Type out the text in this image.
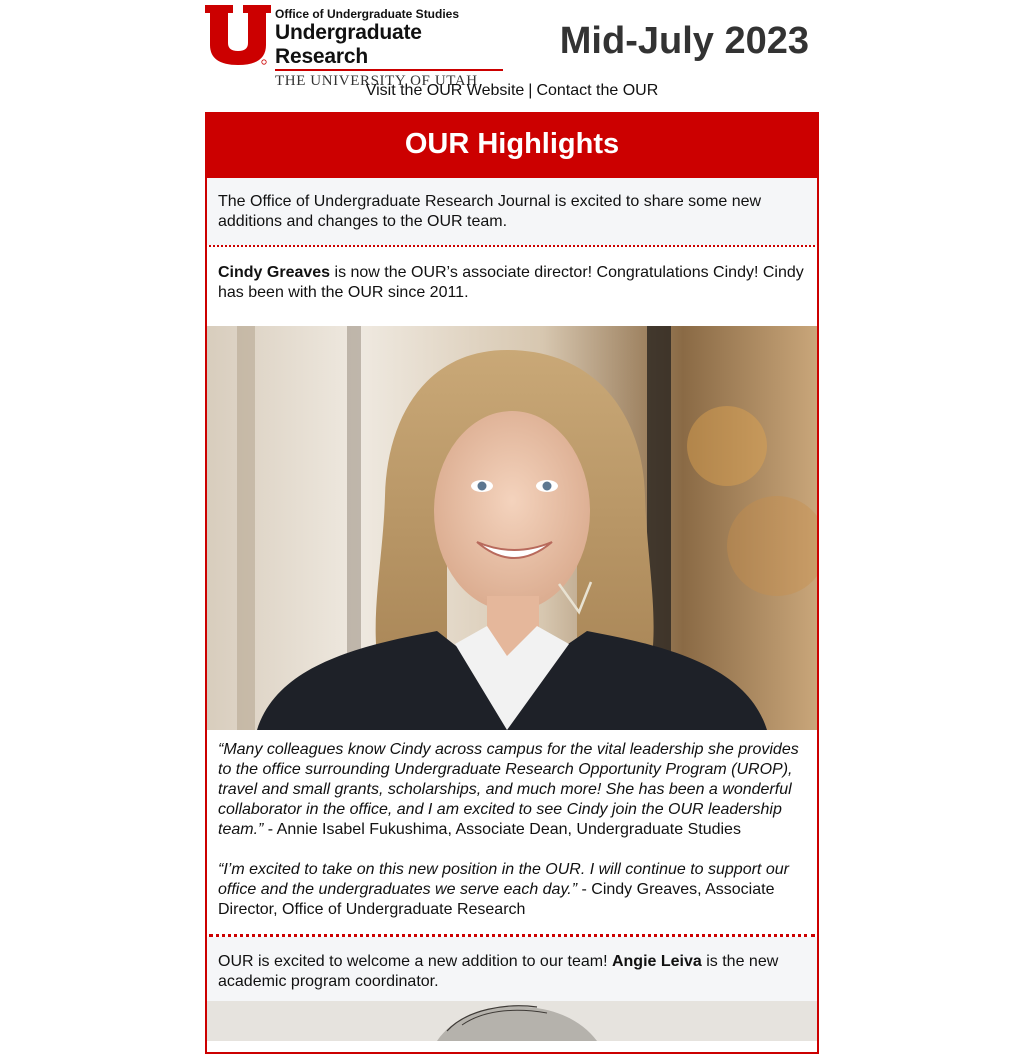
Office of Undergraduate Studies
Undergraduate Research
THE UNIVERSITY OF UTAH
Mid-July 2023
Visit the OUR Website | Contact the OUR
OUR Highlights
The Office of Undergraduate Research Journal is excited to share some new additions and changes to the OUR team.
Cindy Greaves is now the OUR’s associate director! Congratulations Cindy! Cindy has been with the OUR since 2011.

“Many colleagues know Cindy across campus for the vital leadership she provides to the office surrounding Undergraduate Research Opportunity Program (UROP), travel and small grants, scholarships, and much more! She has been a wonderful collaborator in the office, and I am excited to see Cindy join the OUR leadership team.” - Annie Isabel Fukushima, Associate Dean, Undergraduate Studies

“I’m excited to take on this new position in the OUR. I will continue to support our office and the undergraduates we serve each day.” - Cindy Greaves, Associate Director, Office of Undergraduate Research

OUR is excited to welcome a new addition to our team! Angie Leiva is the new academic program coordinator.
